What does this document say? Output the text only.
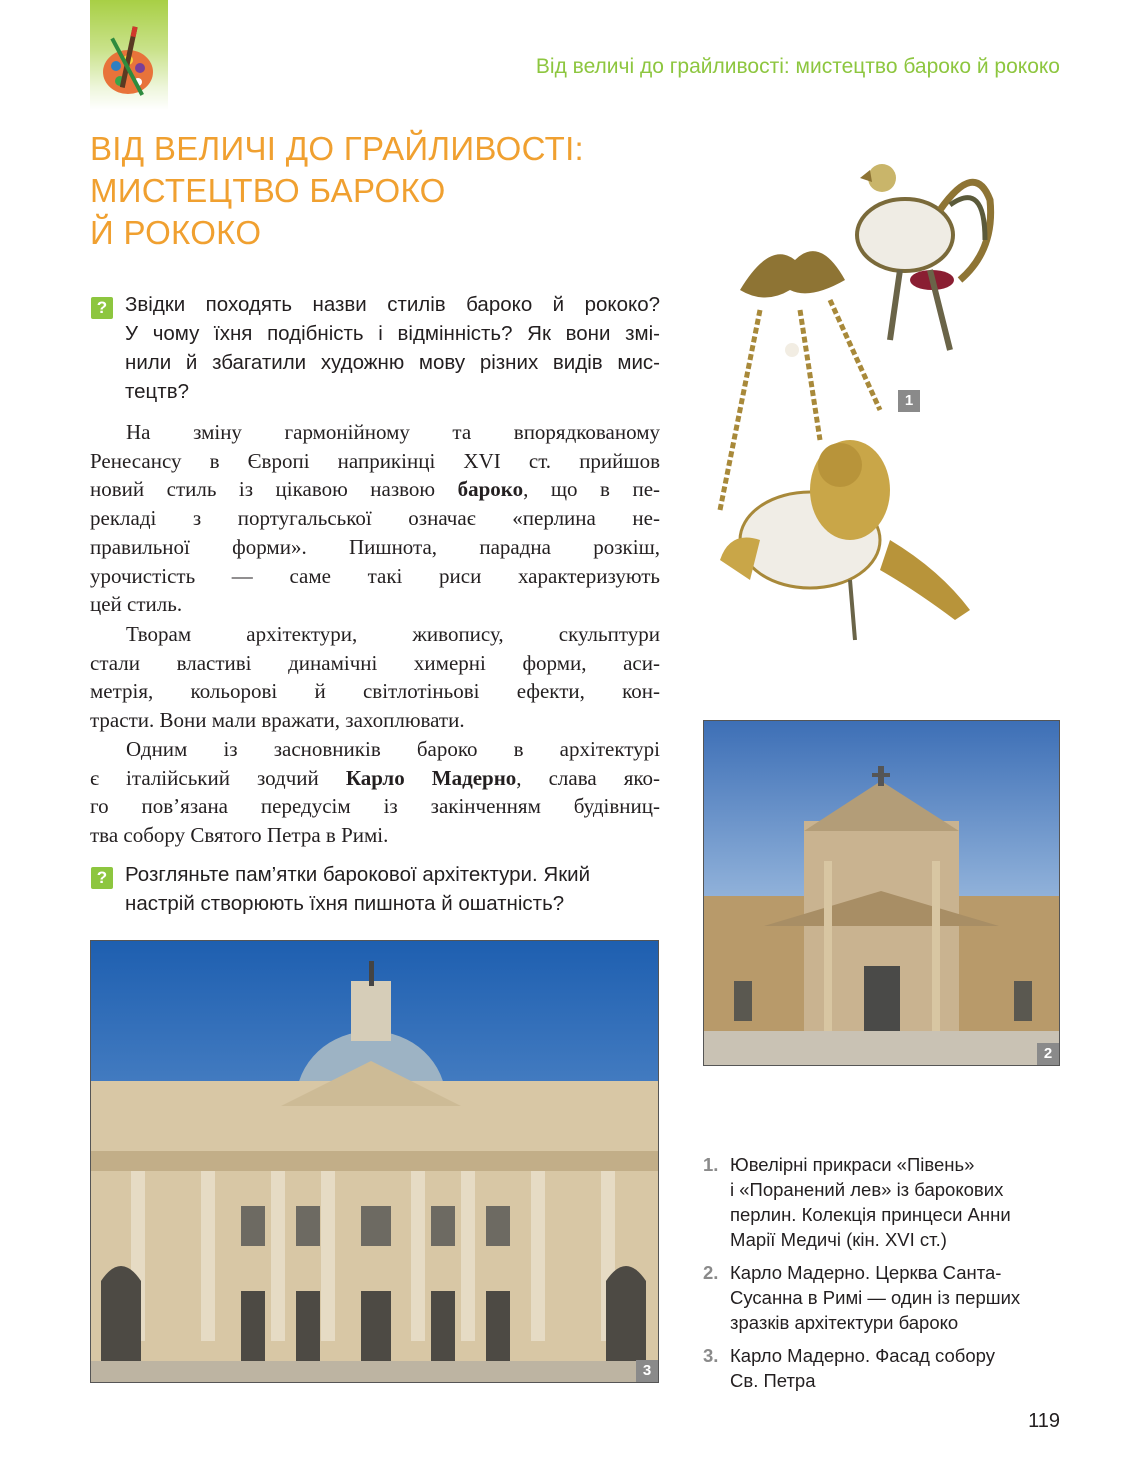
Від величі до грайливості: мистецтво бароко й рококо
ВІД ВЕЛИЧІ ДО ГРАЙЛИВОСТІ:
МИСТЕЦТВО БАРОКО
Й РОКОКО
? Звідки походять назви стилів бароко й рококо?
У чому їхня подібність і відмінність? Як вони змі-
нили й збагатили художню мову різних видів мис-
тецтв?
На зміну гармонійному та впорядкованому
Ренесансу в Європі наприкінці XVI ст. прийшов
новий стиль із цікавою назвою бароко, що в пе-
рекладі з португальської означає «перлина не-
правильної форми». Пишнота, парадна розкіш,
урочистість — саме такі риси характеризують
цей стиль.
Творам архітектури, живопису, скульптури
стали властиві динамічні химерні форми, аси-
метрія, кольорові й світлотіньові ефекти, кон-
трасти. Вони мали вражати, захоплювати.
Одним із засновників бароко в архітектурі
є італійський зодчий Карло Мадерно, слава яко-
го пов’язана передусім із закінченням будівниц-
тва собору Святого Петра в Римі.
? Розгляньте пам’ятки барокової архітектури. Який
настрій створюють їхня пишнота й ошатність?
1
2
3
1. Ювелірні прикраси «Півень»
і «Поранений лев» із барокових
перлин. Колекція принцеси Анни
Марії Медичі (кін. XVI ст.)
2. Карло Мадерно. Церква Санта-
Сусанна в Римі — один із перших
зразків архітектури бароко
3. Карло Мадерно. Фасад собору
Св. Петра
119
